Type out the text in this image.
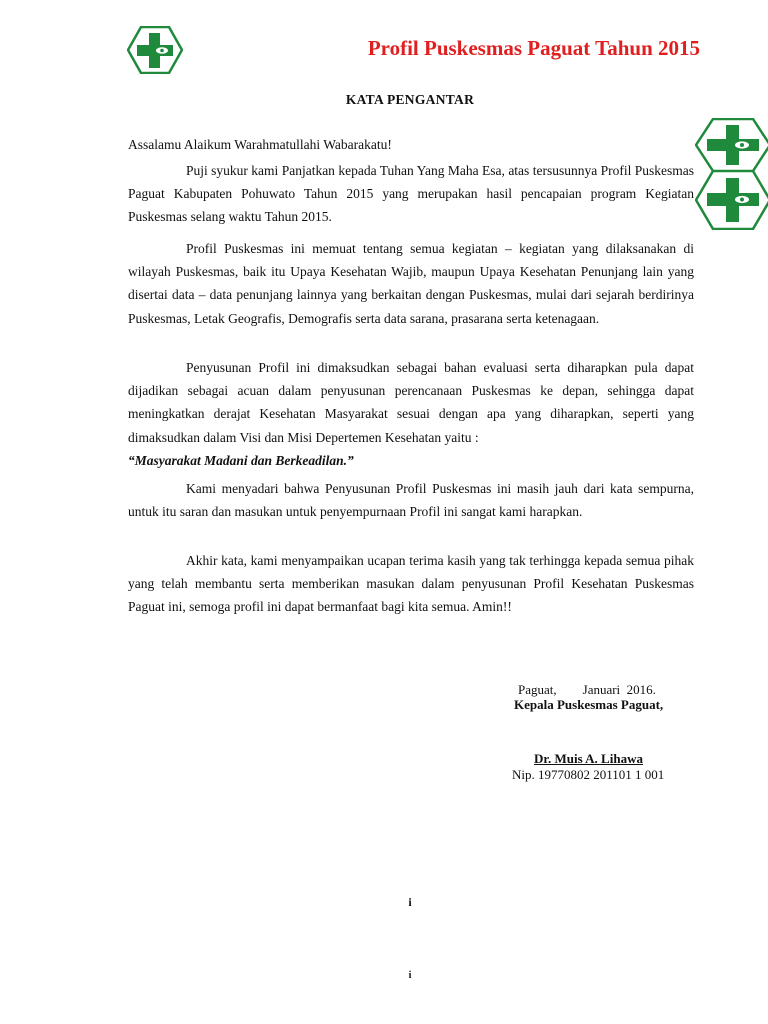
Profil Puskesmas Paguat Tahun 2015
KATA PENGANTAR
Assalamu Alaikum Warahmatullahi Wabarakatu!

Puji syukur kami Panjatkan kepada Tuhan Yang Maha Esa, atas tersusunnya Profil Puskesmas Paguat Kabupaten Pohuwato Tahun 2015 yang merupakan hasil pencapaian program Kegiatan Puskesmas selang waktu Tahun 2015.

Profil Puskesmas ini memuat tentang semua kegiatan – kegiatan yang dilaksanakan di wilayah Puskesmas, baik itu Upaya Kesehatan Wajib, maupun Upaya Kesehatan Penunjang lain yang disertai data – data penunjang lainnya yang berkaitan dengan Puskesmas, mulai dari sejarah berdirinya Puskesmas, Letak Geografis, Demografis serta data sarana, prasarana serta ketenagaan.

Penyusunan Profil ini dimaksudkan sebagai bahan evaluasi serta diharapkan pula dapat dijadikan sebagai acuan dalam penyusunan perencanaan Puskesmas ke depan, sehingga dapat meningkatkan derajat Kesehatan Masyarakat sesuai dengan apa yang diharapkan, seperti yang dimaksudkan dalam Visi dan Misi Depertemen Kesehatan yaitu :

“Masyarakat Madani dan Berkeadilan.”

Kami menyadari bahwa Penyusunan Profil Puskesmas ini masih jauh dari kata sempurna, untuk itu saran dan masukan untuk penyempurnaan Profil ini sangat kami harapkan.

Akhir kata, kami menyampaikan ucapan terima kasih yang tak terhingga kepada semua pihak yang telah membantu serta memberikan masukan dalam penyusunan Profil Kesehatan Puskesmas Paguat ini, semoga profil ini dapat bermanfaat bagi kita semua. Amin!!

Paguat,        Januari  2016.
Kepala Puskesmas Paguat,
Dr. Muis A. Lihawa
Nip. 19770802 201101 1 001
i
i
